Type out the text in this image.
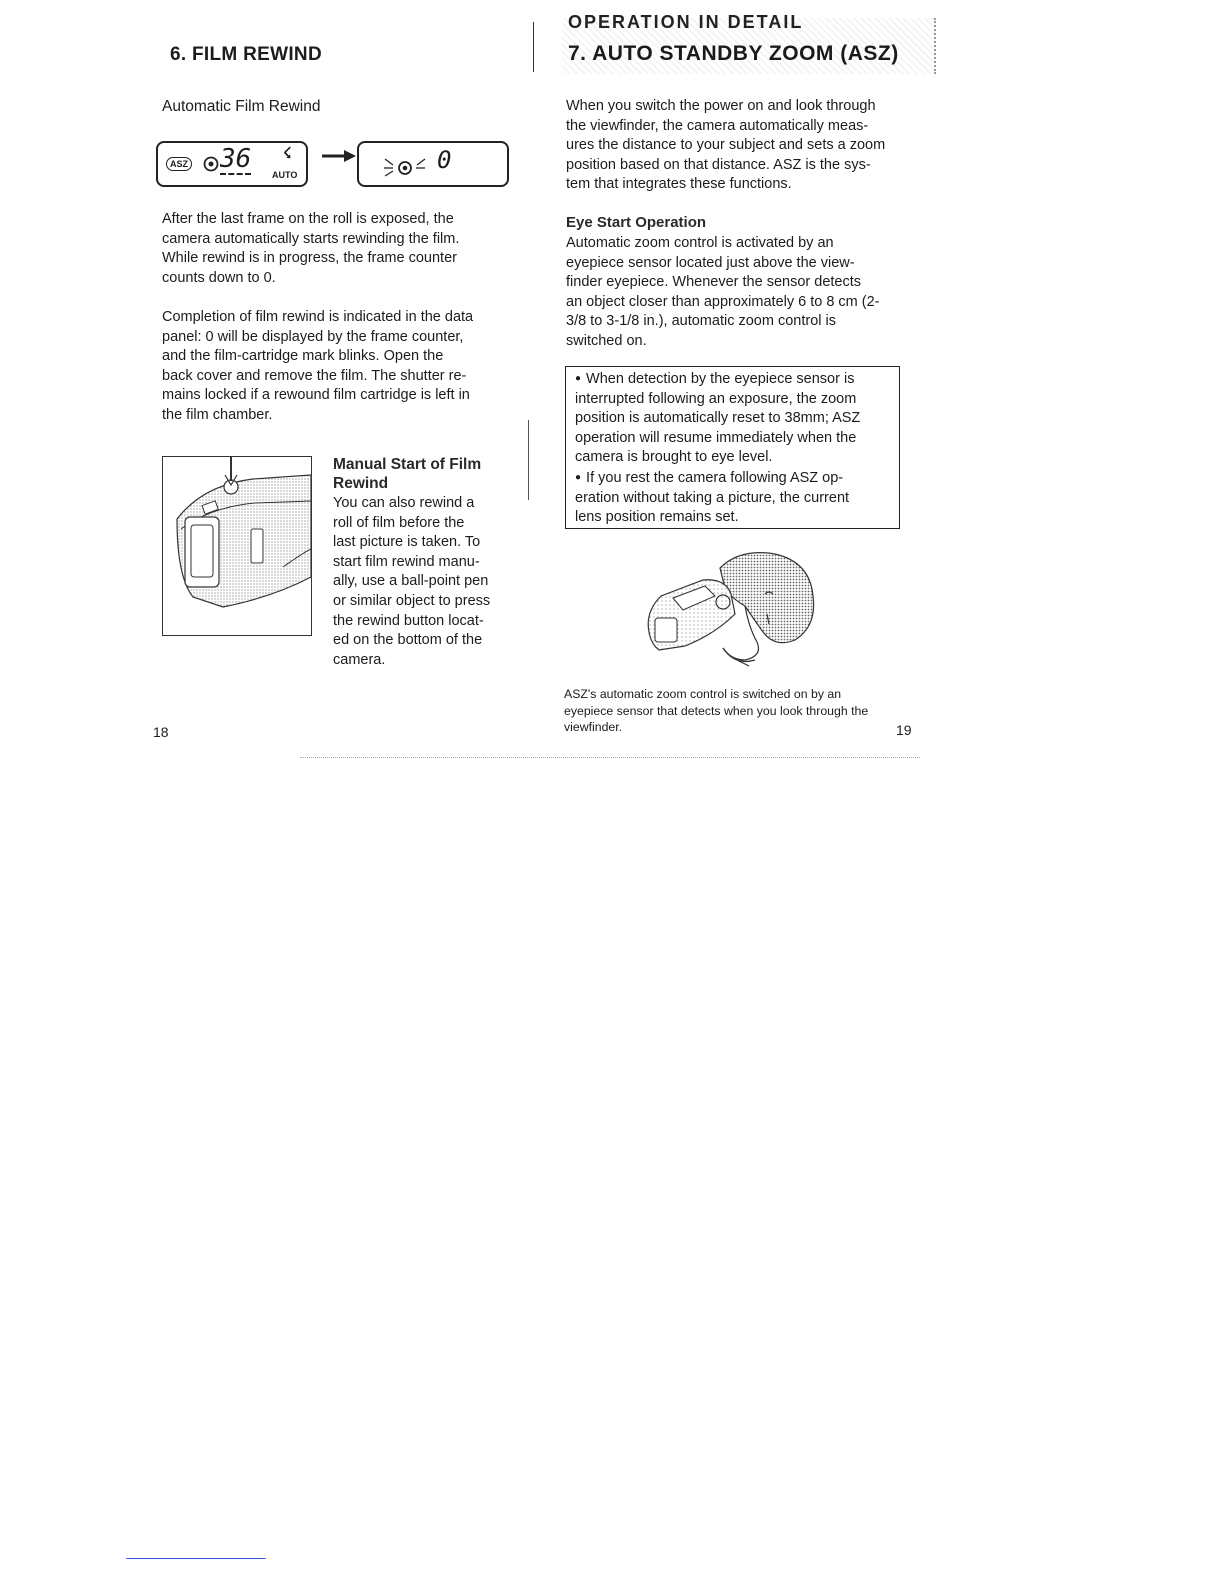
6. FILM REWIND
Automatic Film Rewind
ASZ 36 ☇
AUTO
0
After the last frame on the roll is exposed, the
camera automatically starts rewinding the film.
While rewind is in progress, the frame counter
counts down to 0.
Completion of film rewind is indicated in the data
panel: 0 will be displayed by the frame counter,
and the film-cartridge mark blinks. Open the
back cover and remove the film. The shutter re-
mains locked if a rewound film cartridge is left in
the film chamber.
Manual Start of Film
Rewind
You can also rewind a
roll of film before the
last picture is taken. To
start film rewind manu-
ally, use a ball-point pen
or similar object to press
the rewind button locat-
ed on the bottom of the
camera.
18
OPERATION IN DETAIL
7. AUTO STANDBY ZOOM (ASZ)
When you switch the power on and look through
the viewfinder, the camera automatically meas-
ures the distance to your subject and sets a zoom
position based on that distance. ASZ is the sys-
tem that integrates these functions.
Eye Start Operation
Automatic zoom control is activated by an
eyepiece sensor located just above the view-
finder eyepiece. Whenever the sensor detects
an object closer than approximately 6 to 8 cm (2-
3/8 to 3-1/8 in.), automatic zoom control is
switched on.
● When detection by the eyepiece sensor is
interrupted following an exposure, the zoom
position is automatically reset to 38mm; ASZ
operation will resume immediately when the
camera is brought to eye level.
● If you rest the camera following ASZ op-
eration without taking a picture, the current
lens position remains set.
ASZ's automatic zoom control is switched on by an
eyepiece sensor that detects when you look through the
viewfinder.	19
